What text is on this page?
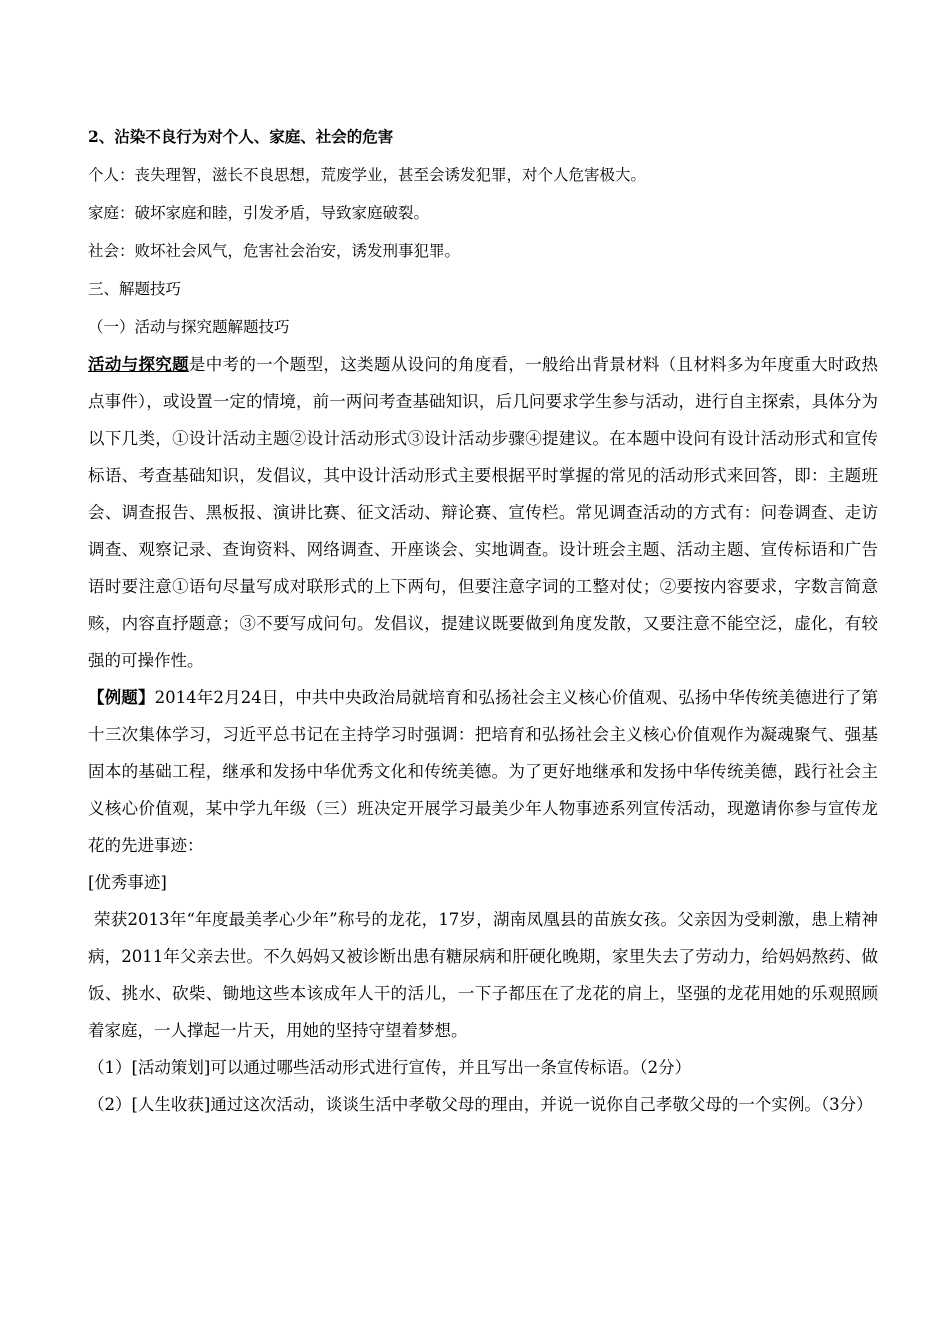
2、沾染不良行为对个人、家庭、社会的危害
个人：丧失理智，滋长不良思想，荒废学业，甚至会诱发犯罪，对个人危害极大。
家庭：破坏家庭和睦，引发矛盾，导致家庭破裂。
社会：败坏社会风气，危害社会治安，诱发刑事犯罪。
三、解题技巧
（一）活动与探究题解题技巧

活动与探究题是中考的一个题型，这类题从设问的角度看，一般给出背景材料（且材料多为年度重大时政热点事件），或设置一定的情境，前一两问考查基础知识，后几问要求学生参与活动，进行自主探索，具体分为以下几类，①设计活动主题②设计活动形式③设计活动步骤④提建议。在本题中设问有设计活动形式和宣传标语、考查基础知识，发倡议，其中设计活动形式主要根据平时掌握的常见的活动形式来回答，即：主题班会、调查报告、黑板报、演讲比赛、征文活动、辩论赛、宣传栏。常见调查活动的方式有：问卷调查、走访调查、观察记录、查询资料、网络调查、开座谈会、实地调查。设计班会主题、活动主题、宣传标语和广告语时要注意①语句尽量写成对联形式的上下两句，但要注意字词的工整对仗；②要按内容要求，字数言简意赅，内容直抒题意；③不要写成问句。发倡议，提建议既要做到角度发散，又要注意不能空泛，虚化，有较强的可操作性。

【例题】2014年2月24日，中共中央政治局就培育和弘扬社会主义核心价值观、弘扬中华传统美德进行了第十三次集体学习，习近平总书记在主持学习时强调：把培育和弘扬社会主义核心价值观作为凝魂聚气、强基固本的基础工程，继承和发扬中华优秀文化和传统美德。为了更好地继承和发扬中华传统美德，践行社会主义核心价值观，某中学九年级（三）班决定开展学习最美少年人物事迹系列宣传活动，现邀请你参与宣传龙花的先进事迹：

[优秀事迹]

荣获2013年“年度最美孝心少年”称号的龙花，17岁，湖南凤凰县的苗族女孩。父亲因为受刺激，患上精神病，2011年父亲去世。不久妈妈又被诊断出患有糖尿病和肝硬化晚期，家里失去了劳动力，给妈妈熬药、做饭、挑水、砍柴、锄地这些本该成年人干的活儿，一下子都压在了龙花的肩上，坚强的龙花用她的乐观照顾着家庭，一人撑起一片天，用她的坚持守望着梦想。

（1）[活动策划]可以通过哪些活动形式进行宣传，并且写出一条宣传标语。（2分）

（2）[人生收获]通过这次活动，谈谈生活中孝敬父母的理由，并说一说你自己孝敬父母的一个实例。（3分）
